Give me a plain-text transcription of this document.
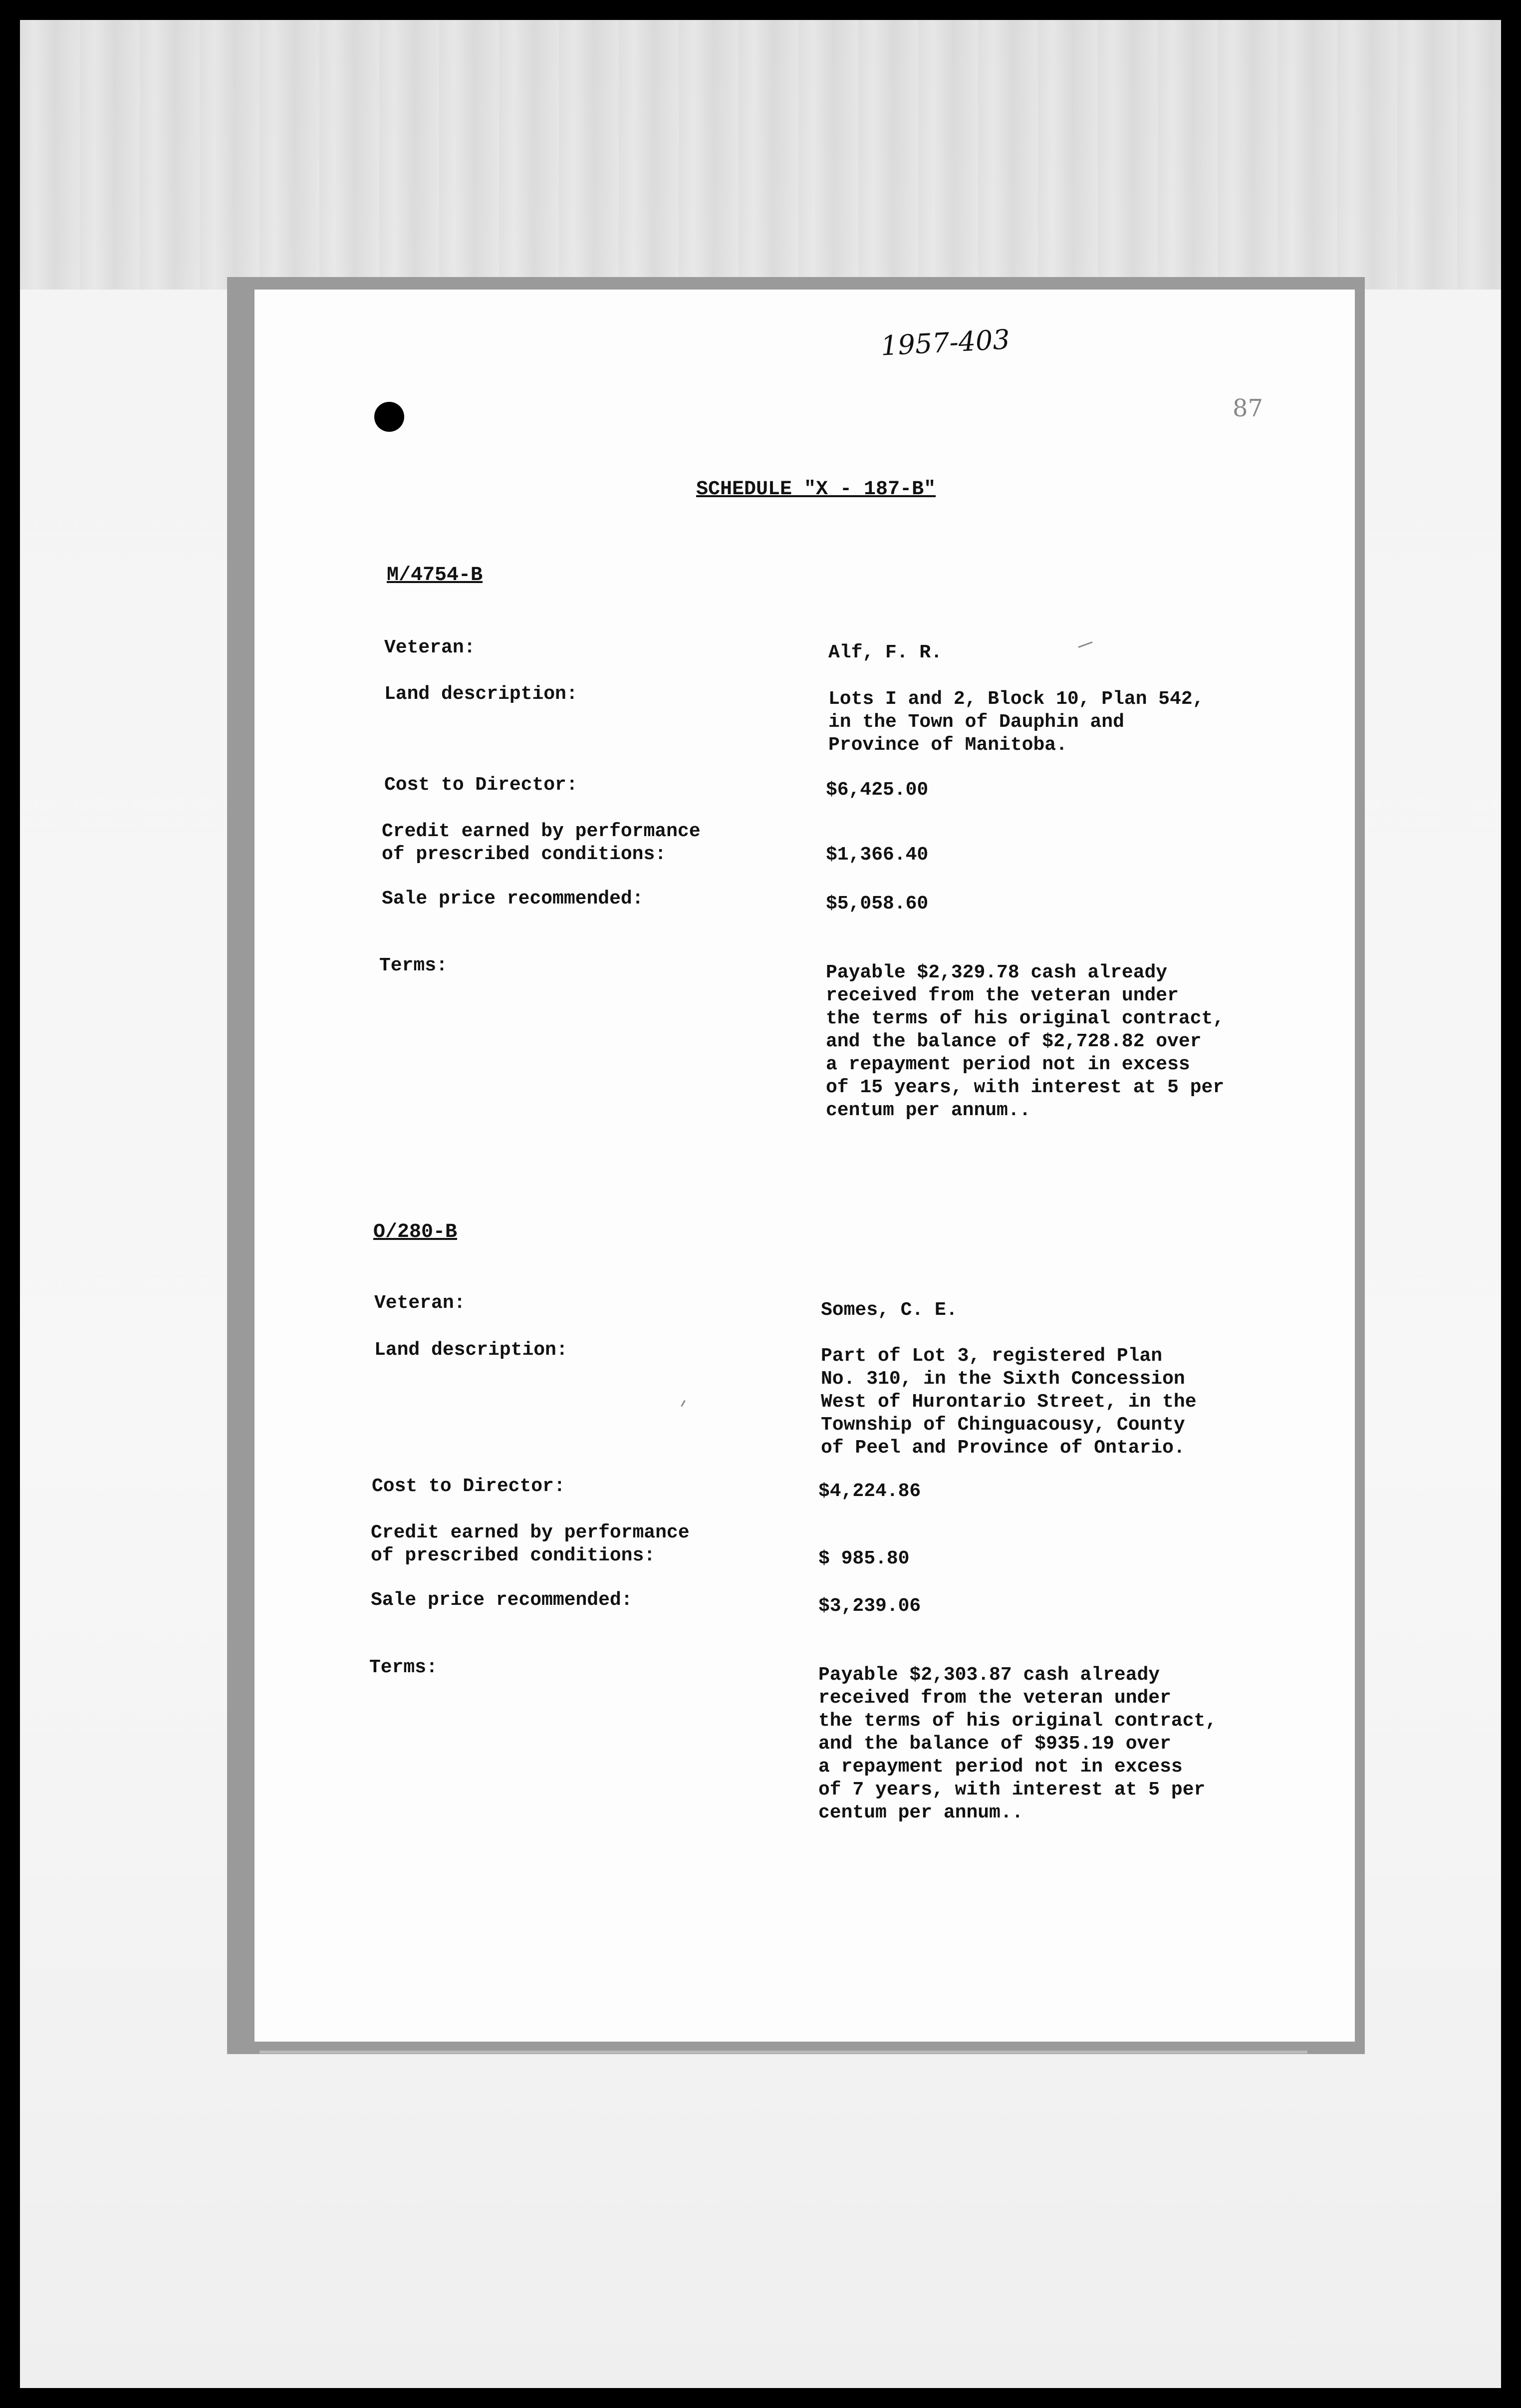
1957-403
87
SCHEDULE "X - 187-B"
M/4754-B

Veteran:	Alf, F. R.

Land description:	Lots I and 2, Block 10, Plan 542,
in the Town of Dauphin and
Province of Manitoba.

Cost to Director:	$6,425.00

Credit earned by performance
of prescribed conditions:	$1,366.40

Sale price recommended:	$5,058.60

Terms:	Payable $2,329.78 cash already
received from the veteran under
the terms of his original contract,
and the balance of $2,728.82 over
a repayment period not in excess
of 15 years, with interest at 5 per
centum per annum..

O/280-B

Veteran:	Somes, C. E.

Land description:	Part of Lot 3, registered Plan
No. 310, in the Sixth Concession
West of Hurontario Street, in the
Township of Chinguacousy, County
of Peel and Province of Ontario.

Cost to Director:	$4,224.86

Credit earned by performance
of prescribed conditions:	$ 985.80

Sale price recommended:	$3,239.06

Terms:	Payable $2,303.87 cash already
received from the veteran under
the terms of his original contract,
and the balance of $935.19 over
a repayment period not in excess
of 7 years, with interest at 5 per
centum per annum..
